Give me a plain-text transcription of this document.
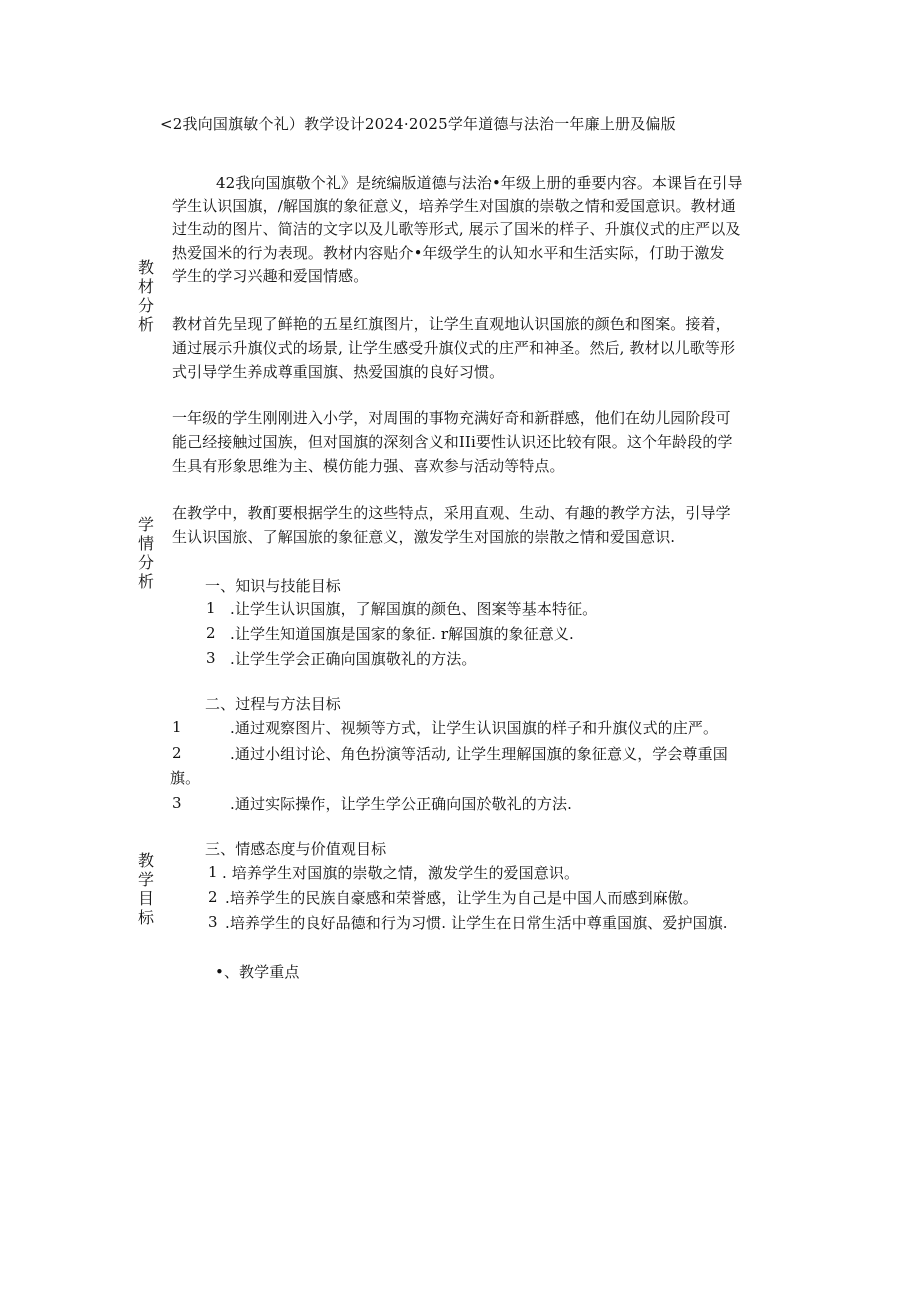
<2我向国旗敏个礼）教学设计2024·2025学年道德与法治一年廉上册及偏版
教材分析
学情分析
教学目标
42我向国旗敬个礼》是统编版道德与法治•年级上册的垂要内容。本课旨在引导
学生认识国旗，/解国旗的象征意义，培养学生对国旗的崇敬之情和爱国意识。教材通
过生动的图片、简洁的文字以及儿歌等形式, 展示了国米的样子、升旗仪式的庄严以及
热爱国米的行为表现。教材内容贴介•年级学生的认知水平和生活实际，仃助于激发
学生的学习兴趣和爱国情感。
教材首先呈现了鲜艳的五星红旗图片，让学生直观地认识国旅的颜色和图案。接着，
通过展示升旗仪式的场景, 让学生感受升旗仪式的庄严和神圣。然后, 教材以儿歌等形
式引导学生养成尊重国旗、热爱国旗的良好习惯。
一年级的学生刚刚进入小学，对周围的事物充满好奇和新群感，他们在幼儿园阶段可
能己经接触过国族，但对国旗的深刻含义和IIi要性认识还比较有限。这个年龄段的学
生具有形象思维为主、模仿能力强、喜欢参与活动等特点。
在教学中，教酊要根据学生的这些特点，采用直观、生动、有趣的教学方法，引导学
生认识国旅、了解国旅的象征意义，激发学生对国旅的崇散之情和爱国意识.
一、知识与技能目标
1 .让学生认识国旗，了解国旗的颜色、图案等基本特征。
2 .让学生知道国旗是国家的象征. r解国旗的象征意义.
3 .让学生学会正确向国旗敬礼的方法。
二、过程与方法目标
1	.通过观察图片、视频等方式，让学生认识国旗的样子和升旗仪式的庄严。
2	.通过小组讨论、角色扮演等活动, 让学生理解国旗的象征意义，学会尊重国
旗。
3	.通过实际操作，让学生学公正确向国於敬礼的方法.
三、情感态度与价值观目标
1 . 培养学生对国旗的崇敬之情，激发学生的爱国意识。
2 .培养学生的民族自豪感和荣誉感，让学生为自己是中国人而感到麻傲。
3 .培养学生的良好品德和行为习惯. 让学生在日常生活中尊重国旗、爱护国旗.
•、教学重点
